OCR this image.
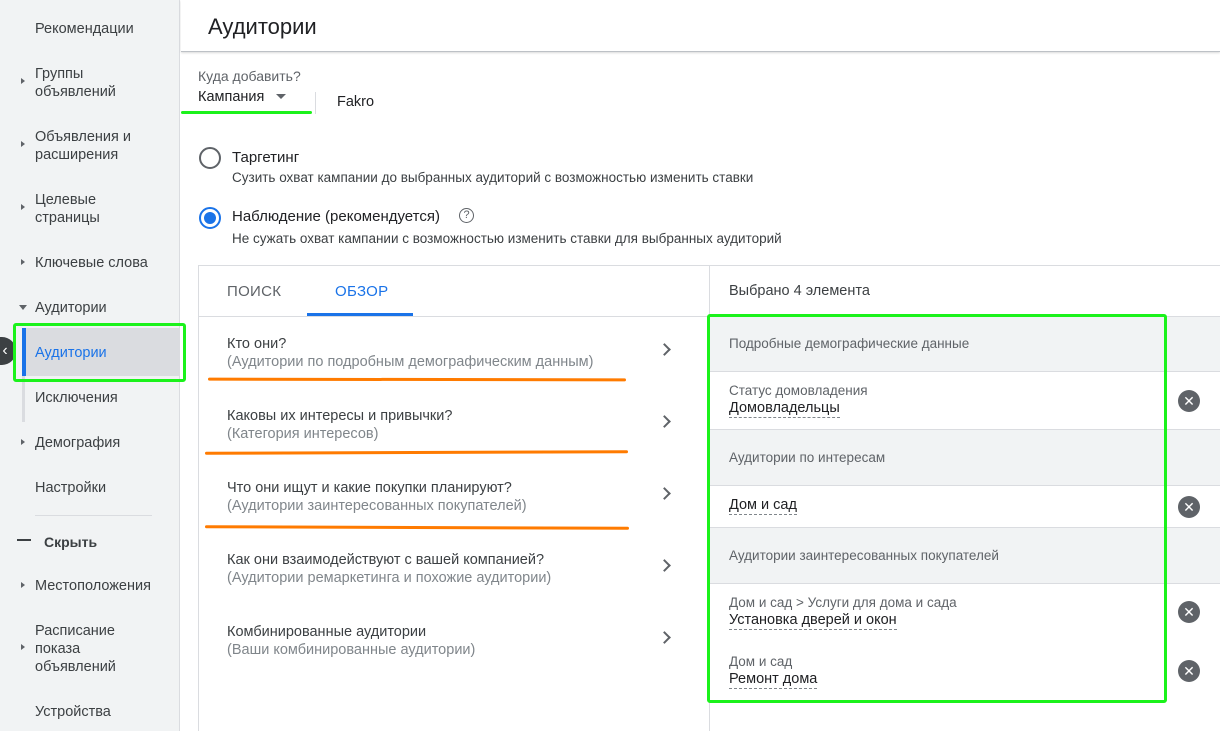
Рекомендации
Группы
объявлений
Объявления и
расширения
Целевые
страницы
Ключевые слова
Аудитории
Аудитории
Исключения
Демография
Настройки
Скрыть
Местоположения
Расписание
показа
объявлений
Устройства
‹
Аудитории
Куда добавить?
Кампания	Fakro
Таргетинг
Сузить охват кампании до выбранных аудиторий с возможностью изменить ставки
Наблюдение (рекомендуется)	?
Не сужать охват кампании с возможностью изменить ставки для выбранных аудиторий
ПОИСК	ОБЗОР
Кто они?
(Аудитории по подробным демографическим данным)
Каковы их интересы и привычки?
(Категория интересов)
Что они ищут и какие покупки планируют?
(Аудитории заинтересованных покупателей)
Как они взаимодействуют с вашей компанией?
(Аудитории ремаркетинга и похожие аудитории)
Комбинированные аудитории
(Ваши комбинированные аудитории)
Выбрано 4 элемента
Подробные демографические данные
Статус домовладения
Домовладельцы	✕
Аудитории по интересам
Дом и сад	✕
Аудитории заинтересованных покупателей
Дом и сад > Услуги для дома и сада
Установка дверей и окон	✕
Дом и сад
Ремонт дома	✕
